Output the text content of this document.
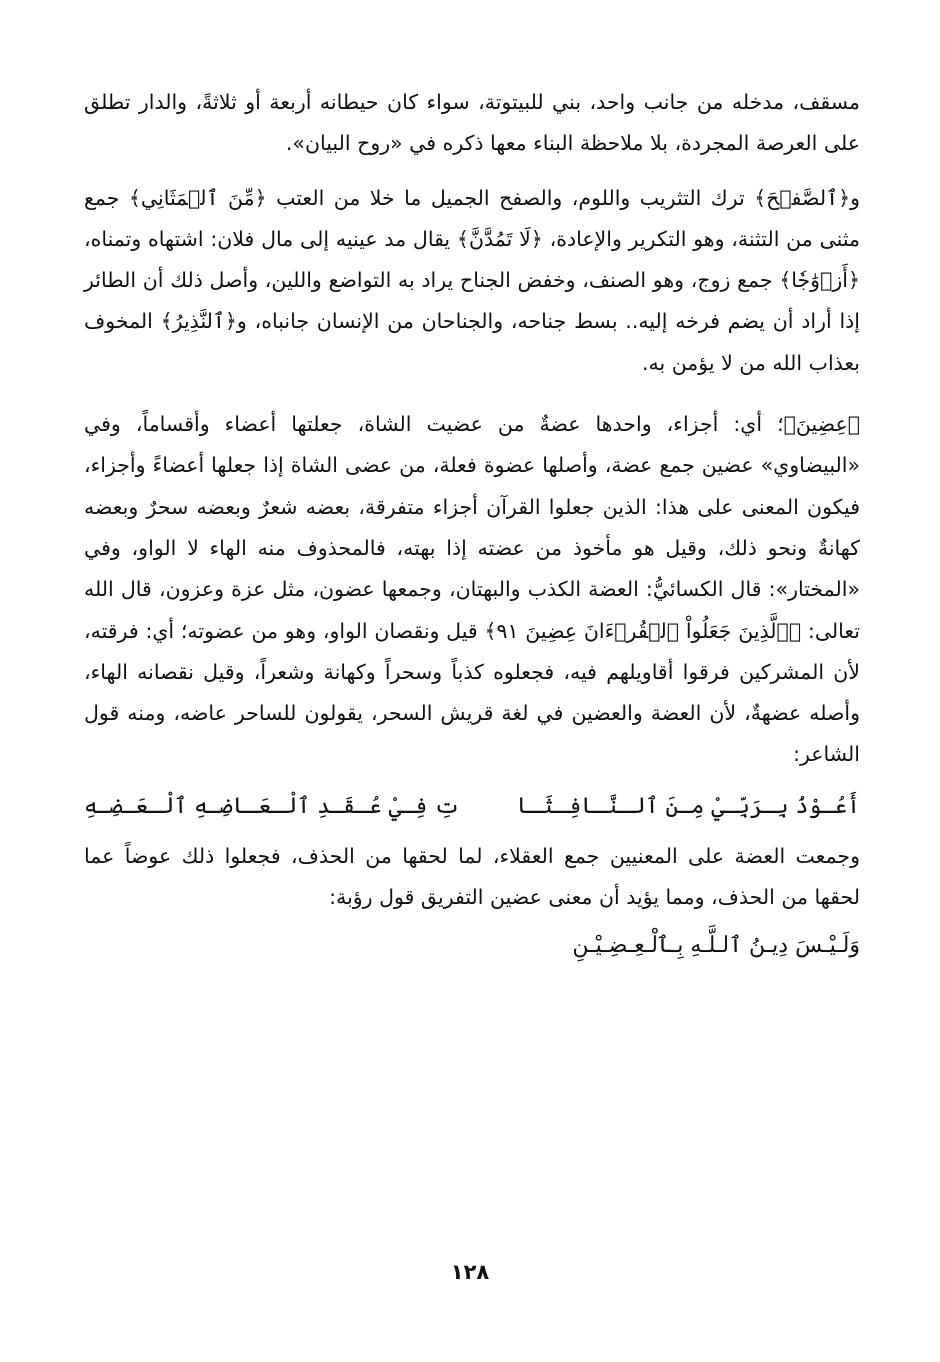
مسقف، مدخله من جانب واحد، بني للبيتوتة، سواء كان حيطانه أربعة أو ثلاثةً، والدار تطلق على العرصة المجردة، بلا ملاحظة البناء معها ذكره في «روح البيان».

و﴿ٱلصَّفۡحَ﴾ ترك التثريب واللوم، والصفح الجميل ما خلا من العتب ﴿مِّنَ ٱلۡمَثَانِي﴾ جمع مثنى من التثنة، وهو التكرير والإعادة، ﴿لَا تَمُدَّنَّ﴾ يقال مد عينيه إلى مال فلان: اشتهاه وتمناه، ﴿أَزۡوَٰجٗا﴾ جمع زوج، وهو الصنف، وخفض الجناح يراد به التواضع واللين، وأصل ذلك أن الطائر إذا أراد أن يضم فرخه إليه.. بسط جناحه، والجناحان من الإنسان جانباه، و﴿ٱلنَّذِيرُ﴾ المخوف بعذاب الله من لا يؤمن به.

﴿عِضِينَ﴾؛ أي: أجزاء، واحدها عضةٌ من عضيت الشاة، جعلتها أعضاء وأقساماً، وفي «البيضاوي» عضين جمع عضة، وأصلها عضوة فعلة، من عضى الشاة إذا جعلها أعضاءً وأجزاء، فيكون المعنى على هذا: الذين جعلوا القرآن أجزاء متفرقة، بعضه شعرٌ وبعضه سحرٌ وبعضه كهانةٌ ونحو ذلك، وقيل هو مأخوذ من عضته إذا بهته، فالمحذوف منه الهاء لا الواو، وفي «المختار»: قال الكسائيُّ: العضة الكذب والبهتان، وجمعها عضون، مثل عزة وعزون، قال الله تعالى: ﴿ٱلَّذِينَ جَعَلُواْ ٱلۡقُرۡءَانَ عِضِينَ ٩١﴾ قيل ونقصان الواو، وهو من عضوته؛ أي: فرقته، لأن المشركين فرقوا أقاويلهم فيه، فجعلوه كذباً وسحراً وكهانة وشعراً، وقيل نقصانه الهاء، وأصله عضهةٌ، لأن العضة والعضين في لغة قريش السحر، يقولون للساحر عاضه، ومنه قول الشاعر:

أَعُـوْذُ بِـرَبِّـيْ مِـنَ ٱلـنَّـافِـثَـا
تِ فِـيْ عُـقَـدِ ٱلْـعَـاضِـهِ ٱلْـعَـضِـهِ

وجمعت العضة على المعنيين جمع العقلاء، لما لحقها من الحذف، فجعلوا ذلك عوضاً عما لحقها من الحذف، ومما يؤيد أن معنى عضين التفريق قول رؤبة:

وَلَـيْـسَ دِيـنُ ٱلـلَّـهِ بِـٱلْـعِـضِـيْـنِ

١٢٨
